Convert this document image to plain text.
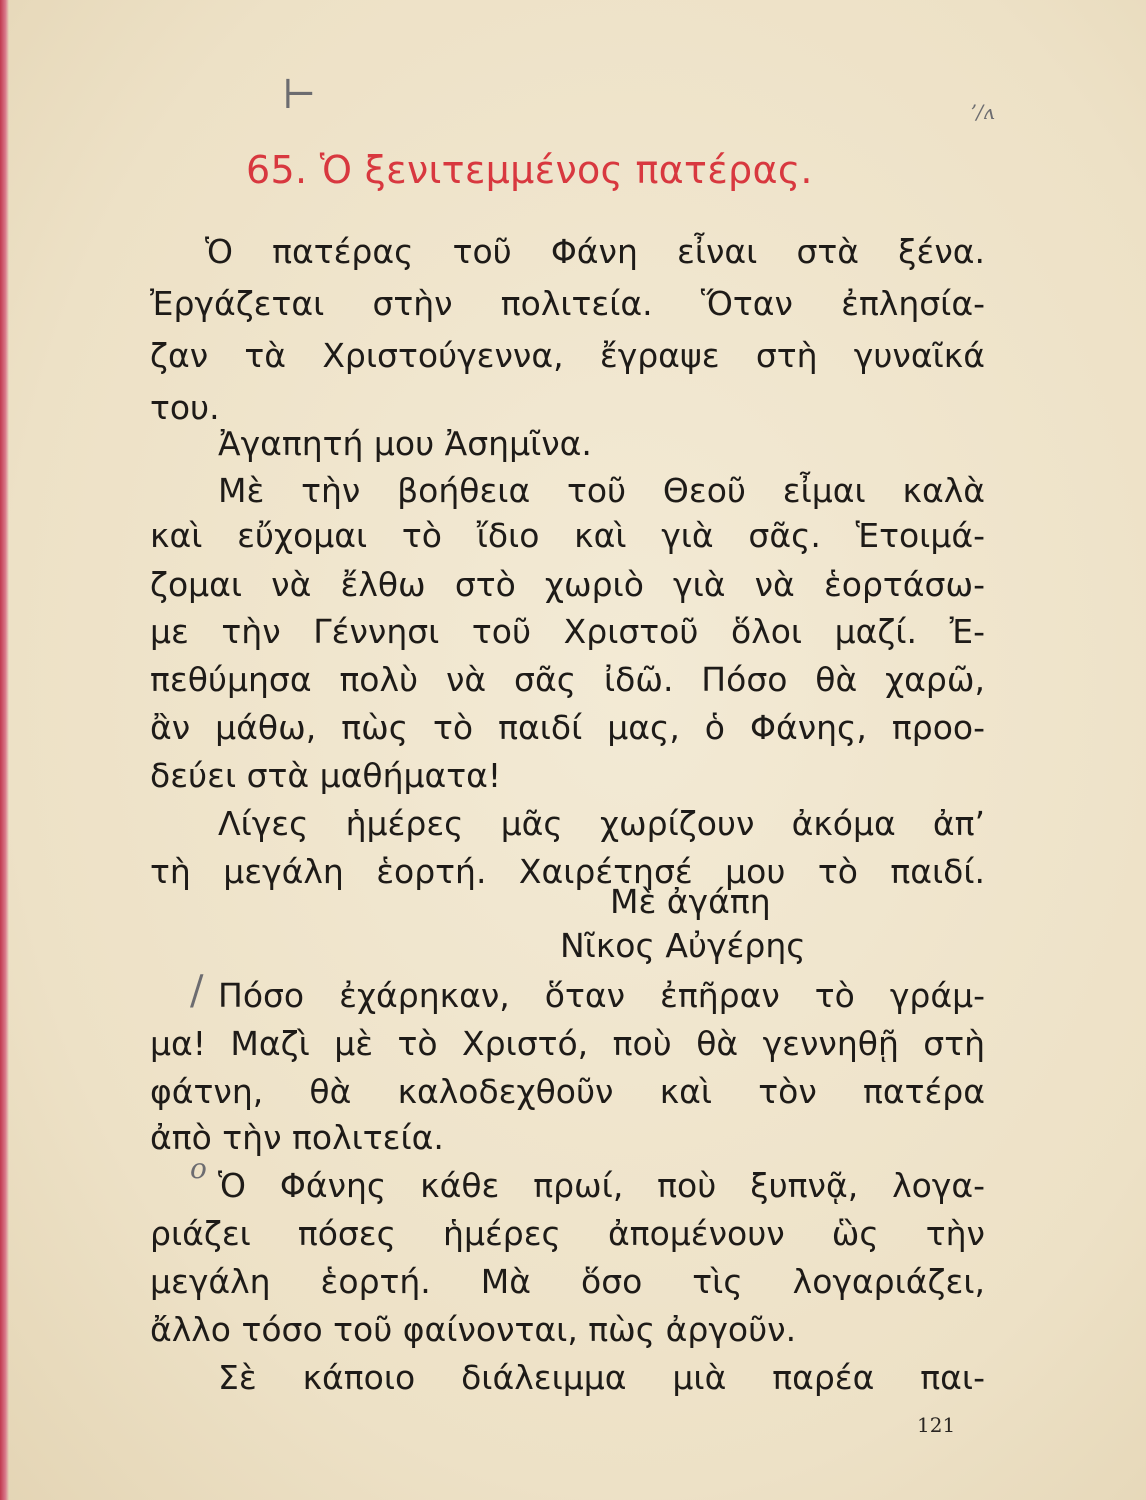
⊢	ʼ/ʌ
65. Ὁ ξενιτεμμένος πατέρας.
Ὁ πατέρας τοῦ Φάνη εἶναι στὰ ξένα.
Ἐργάζεται στὴν πολιτεία. Ὅταν ἐπλησία-
ζαν τὰ Χριστούγεννα, ἔγραψε στὴ γυναῖκά
του.
Ἀγαπητή μου Ἀσημῖνα.
Μὲ τὴν βοήθεια τοῦ Θεοῦ εἶμαι καλὰ
καὶ εὔχομαι τὸ ἴδιο καὶ γιὰ σᾶς. Ἑτοιμά-
ζομαι νὰ ἔλθω στὸ χωριὸ γιὰ νὰ ἑορτάσω-
με τὴν Γέννησι τοῦ Χριστοῦ ὅλοι μαζί. Ἐ-
πεθύμησα πολὺ νὰ σᾶς ἰδῶ. Πόσο θὰ χαρῶ,
ἂν μάθω, πὼς τὸ παιδί μας, ὁ Φάνης, προο-
δεύει στὰ μαθήματα!
Λίγες ἡμέρες μᾶς χωρίζουν ἀκόμα ἀπ’
τὴ μεγάλη ἑορτή. Χαιρέτησέ μου τὸ παιδί.
Μὲ ἀγάπη
Νῖκος Αὐγέρης
/ Πόσο ἐχάρηκαν, ὅταν ἐπῆραν τὸ γράμ-
μα! Μαζὶ μὲ τὸ Χριστό, ποὺ θὰ γεννηθῇ στὴ
φάτνη, θὰ καλοδεχθοῦν καὶ τὸν πατέρα
ἀπὸ τὴν πολιτεία.
ο Ὁ Φάνης κάθε πρωί, ποὺ ξυπνᾷ, λογα-
ριάζει πόσες ἡμέρες ἀπομένουν ὣς τὴν
μεγάλη ἑορτή. Μὰ ὅσο τὶς λογαριάζει,
ἄλλο τόσο τοῦ φαίνονται, πὼς ἀργοῦν.
Σὲ κάποιο διάλειμμα μιὰ παρέα παι-
121
